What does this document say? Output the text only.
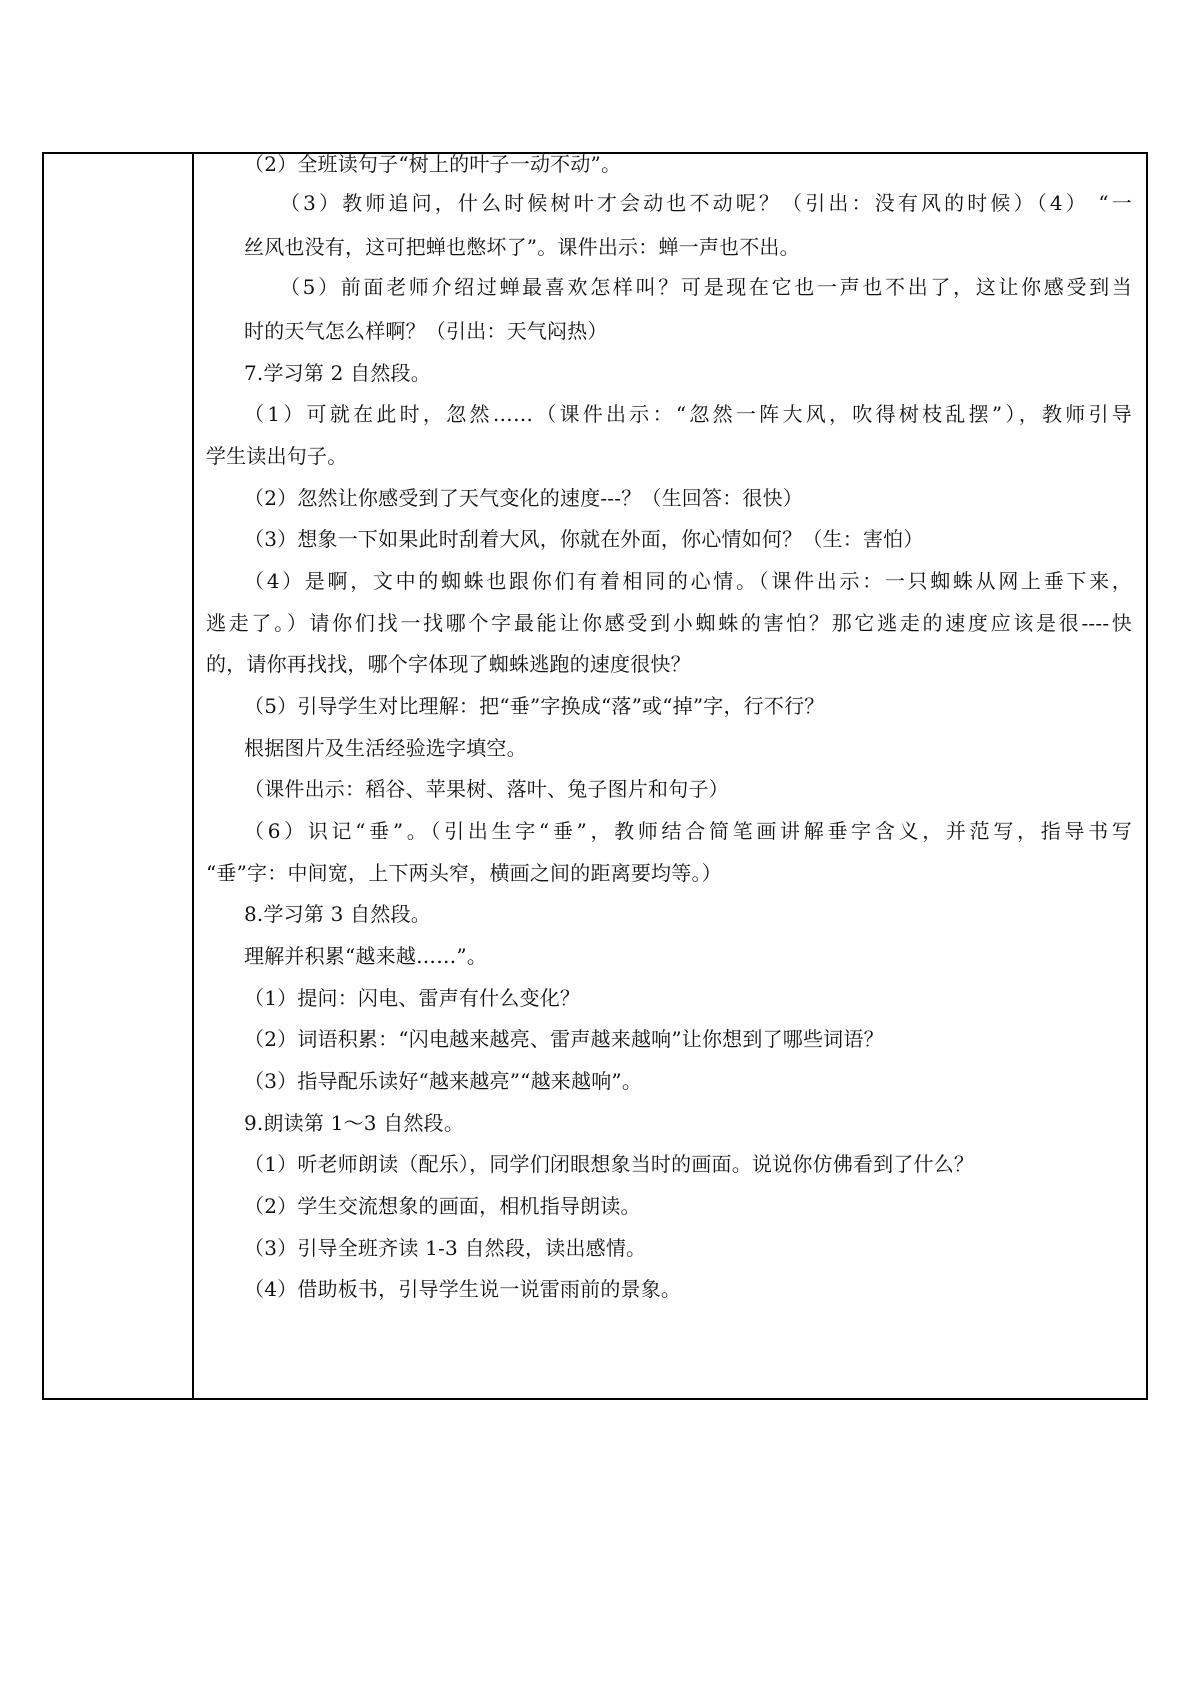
（2）全班读句子“树上的叶子一动不动”。
（3）教师追问，什么时候树叶才会动也不动呢？（引出：没有风的时候）（4） “一
丝风也没有，这可把蝉也憋坏了”。课件出示：蝉一声也不出。
（5）前面老师介绍过蝉最喜欢怎样叫？可是现在它也一声也不出了，这让你感受到当
时的天气怎么样啊？（引出：天气闷热）
7.学习第 2 自然段。
（1）可就在此时，忽然……（课件出示：“忽然一阵大风，吹得树枝乱摆”），教师引导
学生读出句子。
（2）忽然让你感受到了天气变化的速度---？（生回答：很快）
（3）想象一下如果此时刮着大风，你就在外面，你心情如何？（生：害怕）
（4）是啊，文中的蜘蛛也跟你们有着相同的心情。（课件出示：一只蜘蛛从网上垂下来，
逃走了。）请你们找一找哪个字最能让你感受到小蜘蛛的害怕？那它逃走的速度应该是很----快
的，请你再找找，哪个字体现了蜘蛛逃跑的速度很快？
（5）引导学生对比理解：把“垂”字换成“落”或“掉”字，行不行？
根据图片及生活经验选字填空。
（课件出示：稻谷、苹果树、落叶、兔子图片和句子）
（6）识记“垂”。（引出生字“垂”，教师结合简笔画讲解垂字含义，并范写，指导书写
“垂”字：中间宽，上下两头窄，横画之间的距离要均等。）
8.学习第 3 自然段。
理解并积累“越来越……”。
（1）提问：闪电、雷声有什么变化？
（2）词语积累：“闪电越来越亮、雷声越来越响”让你想到了哪些词语？
（3）指导配乐读好“越来越亮”“越来越响”。
9.朗读第 1～3 自然段。
（1）听老师朗读（配乐），同学们闭眼想象当时的画面。说说你仿佛看到了什么？
（2）学生交流想象的画面，相机指导朗读。
（3）引导全班齐读 1-3 自然段，读出感情。
（4）借助板书，引导学生说一说雷雨前的景象。
